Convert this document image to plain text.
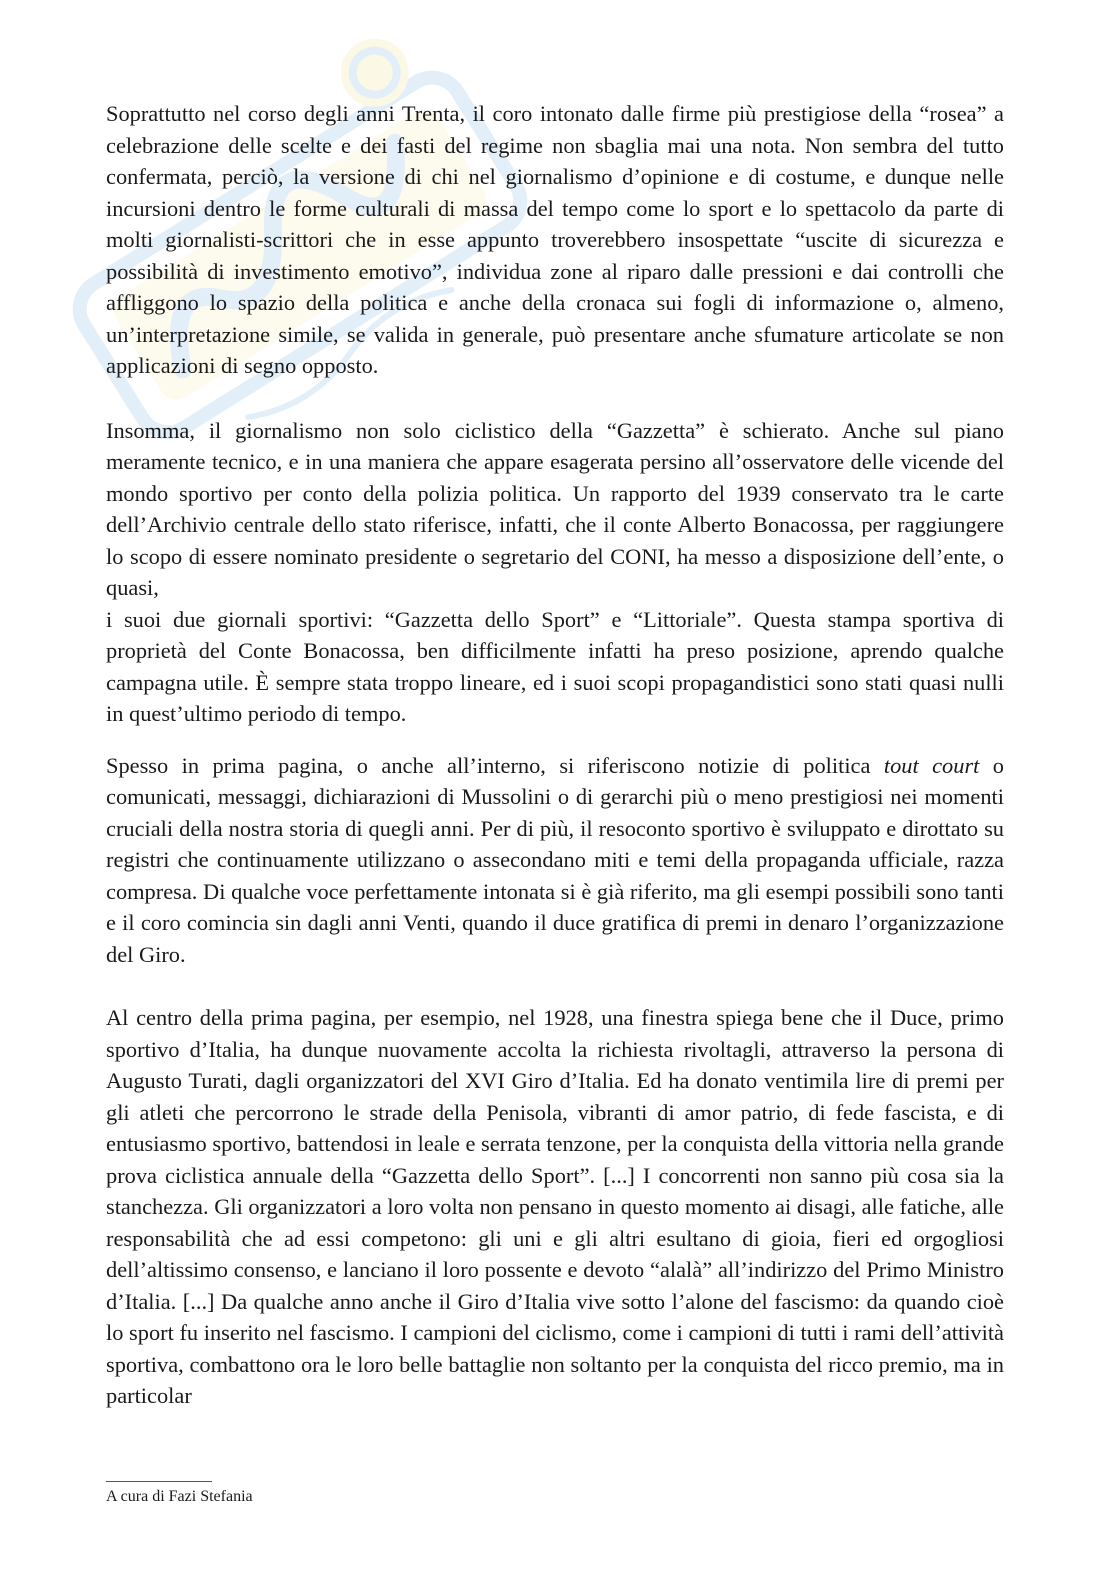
Soprattutto nel corso degli anni Trenta, il coro intonato dalle firme più prestigiose della “rosea” a celebrazione delle scelte e dei fasti del regime non sbaglia mai una nota. Non sembra del tutto confermata, perciò, la versione di chi nel giornalismo d’opinione e di costume, e dunque nelle incursioni dentro le forme culturali di massa del tempo come lo sport e lo spettacolo da parte di molti giornalisti-scrittori che in esse appunto troverebbero insospettate “uscite di sicurezza e possibilità di investimento emotivo”, individua zone al riparo dalle pressioni e dai controlli che affliggono lo spazio della politica e anche della cronaca sui fogli di informazione o, almeno, un’interpretazione simile, se valida in generale, può presentare anche sfumature articolate se non applicazioni di segno opposto.

Insomma, il giornalismo non solo ciclistico della “Gazzetta” è schierato. Anche sul piano meramente tecnico, e in una maniera che appare esagerata persino all’osservatore delle vicende del mondo sportivo per conto della polizia politica. Un rapporto del 1939 conservato tra le carte dell’Archivio centrale dello stato riferisce, infatti, che il conte Alberto Bonacossa, per raggiungere lo scopo di essere nominato presidente o segretario del CONI, ha messo a disposizione dell’ente, o quasi,

i suoi due giornali sportivi: “Gazzetta dello Sport” e “Littoriale”. Questa stampa sportiva di proprietà del Conte Bonacossa, ben difficilmente infatti ha preso posizione, aprendo qualche campagna utile. È sempre stata troppo lineare, ed i suoi scopi propagandistici sono stati quasi nulli in quest’ultimo periodo di tempo.

Spesso in prima pagina, o anche all’interno, si riferiscono notizie di politica tout court o comunicati, messaggi, dichiarazioni di Mussolini o di gerarchi più o meno prestigiosi nei momenti cruciali della nostra storia di quegli anni. Per di più, il resoconto sportivo è sviluppato e dirottato su registri che continuamente utilizzano o assecondano miti e temi della propaganda ufficiale, razza compresa. Di qualche voce perfettamente intonata si è già riferito, ma gli esempi possibili sono tanti e il coro comincia sin dagli anni Venti, quando il duce gratifica di premi in denaro l’organizzazione del Giro.

Al centro della prima pagina, per esempio, nel 1928, una finestra spiega bene che il Duce, primo sportivo d’Italia, ha dunque nuovamente accolta la richiesta rivoltagli, attraverso la persona di Augusto Turati, dagli organizzatori del XVI Giro d’Italia. Ed ha donato ventimila lire di premi per gli atleti che percorrono le strade della Penisola, vibranti di amor patrio, di fede fascista, e di entusiasmo sportivo, battendosi in leale e serrata tenzone, per la conquista della vittoria nella grande prova ciclistica annuale della “Gazzetta dello Sport”. [...] I concorrenti non sanno più cosa sia la stanchezza. Gli organizzatori a loro volta non pensano in questo momento ai disagi, alle fatiche, alle responsabilità che ad essi competono: gli uni e gli altri esultano di gioia, fieri ed orgogliosi dell’altissimo consenso, e lanciano il loro possente e devoto “alalà” all’indirizzo del Primo Ministro d’Italia. [...] Da qualche anno anche il Giro d’Italia vive sotto l’alone del fascismo: da quando cioè lo sport fu inserito nel fascismo. I campioni del ciclismo, come i campioni di tutti i rami dell’attività sportiva, combattono ora le loro belle battaglie non soltanto per la conquista del ricco premio, ma in particolar

A cura di Fazi Stefania
